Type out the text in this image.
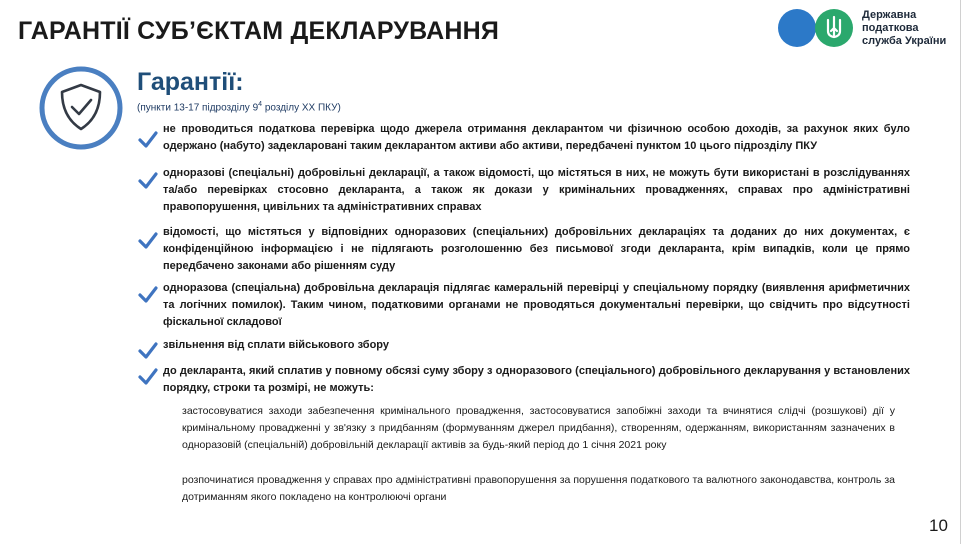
ГАРАНТІЇ СУБ’ЄКТАМ ДЕКЛАРУВАННЯ
Державна
податкова
служба України
Гарантії:
(пункти 13-17 підрозділу $9^4$ розділу ХХ ПКУ)
не проводиться податкова перевірка щодо джерела отримання декларантом чи фізичною особою доходів, за рахунок яких було одержано (набуто) задекларовані таким декларантом активи або активи, передбачені пунктом 10 цього підрозділу ПКУ
одноразові (спеціальні) добровільні декларації, а також відомості, що містяться в них, не можуть бути використані в розслідуваннях та/або перевірках стосовно декларанта, а також як докази у кримінальних провадженнях, справах про адміністративні правопорушення, цивільних та адміністративних справах
відомості, що містяться у відповідних одноразових (спеціальних) добровільних деклараціях та доданих до них документах, є конфіденційною інформацією і не підлягають розголошенню без письмової згоди декларанта, крім випадків, коли це прямо передбачено законами або рішенням суду
одноразова (спеціальна) добровільна декларація підлягає камеральній перевірці у спеціальному порядку (виявлення арифметичних та логічних помилок). Таким чином, податковими органами не проводяться документальні перевірки, що свідчить про відсутності фіскальної складової
звільнення від сплати військового збору
до декларанта, який сплатив у повному обсязі суму збору з одноразового (спеціального) добровільного декларування у встановлених порядку, строки та розмірі, не можуть:
застосовуватися заходи забезпечення кримінального провадження, застосовуватися запобіжні заходи та вчинятися слідчі (розшукові) дії у кримінальному провадженні у зв'язку з придбанням (формуванням джерел придбання), створенням, одержанням, використанням зазначених в одноразовій (спеціальній) добровільній декларації активів за будь-який період до 1 січня 2021 року
розпочинатися провадження у справах про адміністративні правопорушення за порушення податкового та валютного законодавства, контроль за дотриманням якого покладено на контролюючі органи
10
